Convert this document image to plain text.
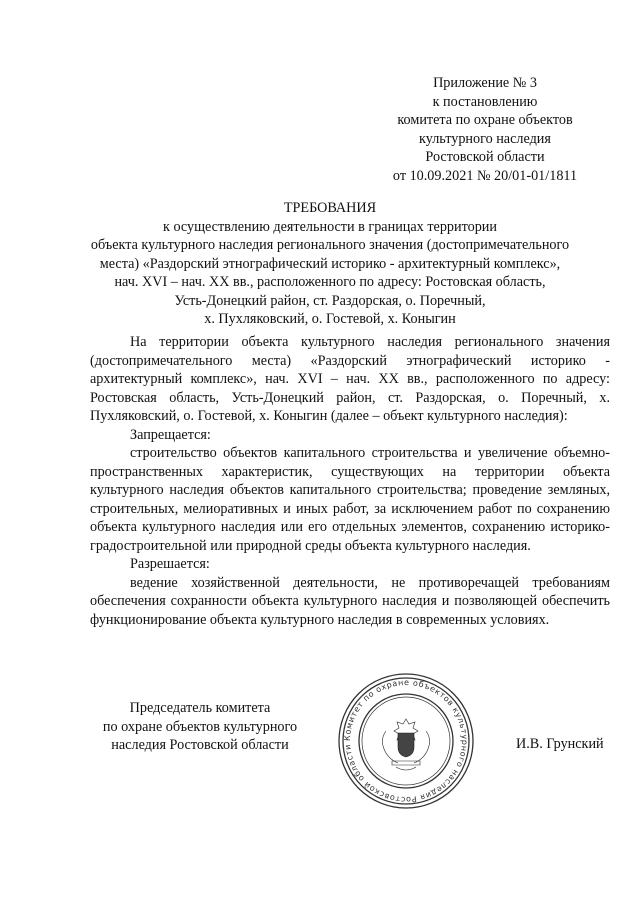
Приложение № 3
к постановлению
комитета по охране объектов
культурного наследия
Ростовской области
от 10.09.2021 № 20/01-01/1811
ТРЕБОВАНИЯ
к осуществлению деятельности в границах территории
объекта культурного наследия регионального значения (достопримечательного
места) «Раздорский этнографический историко - архитектурный комплекс»,
нач. XVI – нач. XX вв., расположенного по адресу: Ростовская область,
Усть-Донецкий район, ст. Раздорская, о. Поречный,
х. Пухляковский, о. Гостевой, х. Коныгин

На территории объекта культурного наследия регионального значения (достопримечательного места) «Раздорский этнографический историко - архитектурный комплекс», нач. XVI – нач. XX вв., расположенного по адресу: Ростовская область, Усть-Донецкий район, ст. Раздорская, о. Поречный, х. Пухляковский, о. Гостевой, х. Коныгин (далее – объект культурного наследия):

Запрещается:

строительство объектов капитального строительства и увеличение объемно-пространственных характеристик, существующих на территории объекта культурного наследия объектов капитального строительства; проведение земляных, строительных, мелиоративных и иных работ, за исключением работ по сохранению объекта культурного наследия или его отдельных элементов, сохранению историко-градостроительной или природной среды объекта культурного наследия.

Разрешается:

ведение хозяйственной деятельности, не противоречащей требованиям обеспечения сохранности объекта культурного наследия и позволяющей обеспечить функционирование объекта культурного наследия в современных условиях.

Председатель комитета
по охране объектов культурного
наследия Ростовской области	Комитет по охране объектов культурного наследия Ростовской области	И.В. Грунский
